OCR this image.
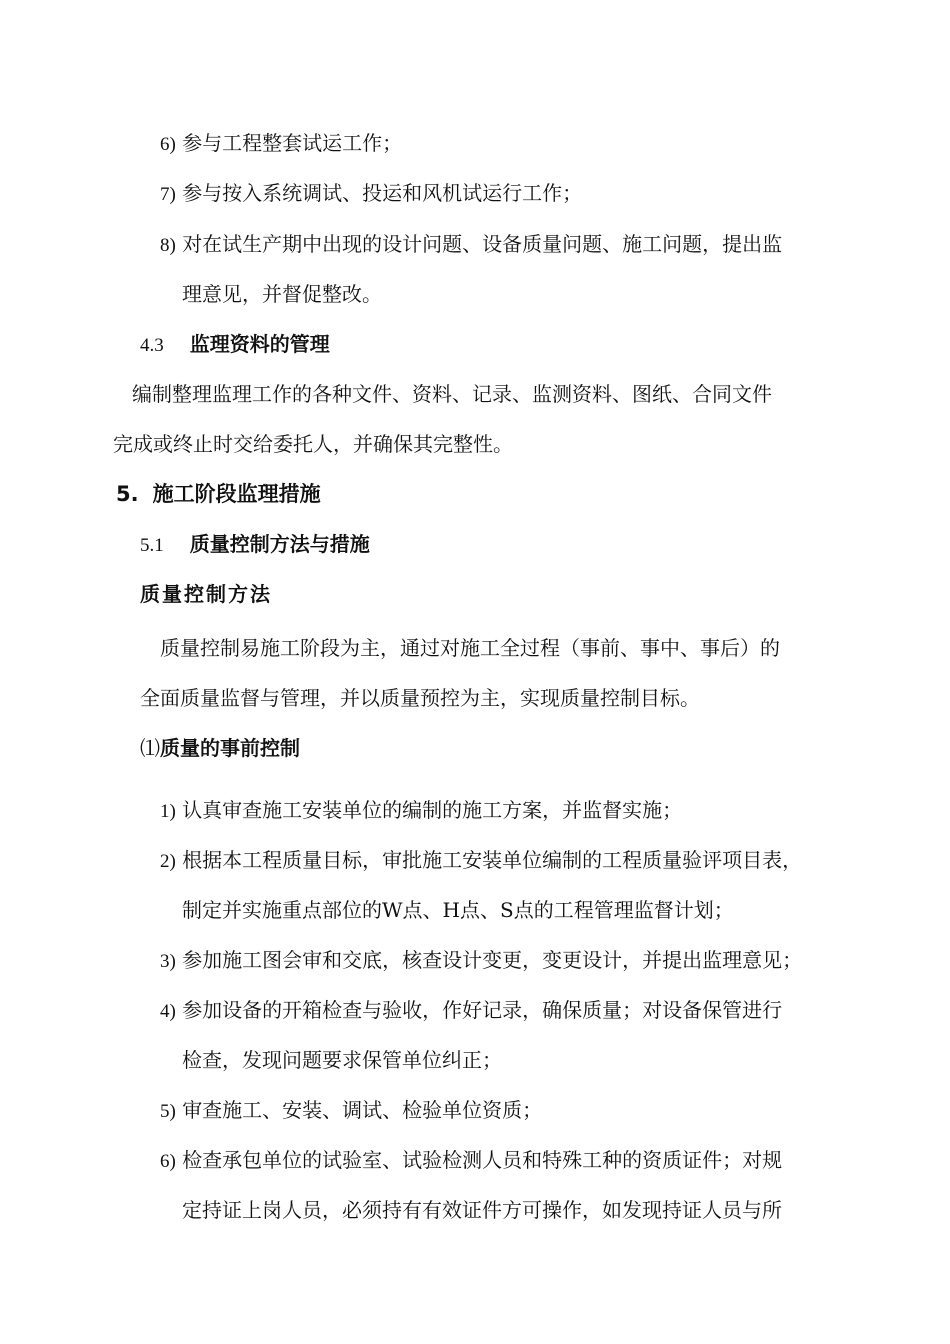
6) 参与工程整套试运工作；
7) 参与按入系统调试、投运和风机试运行工作；
8) 对在试生产期中出现的设计问题、设备质量问题、施工问题，提出监
理意见，并督促整改。
4.3 监理资料的管理
编制整理监理工作的各种文件、资料、记录、监测资料、图纸、合同文件
完成或终止时交给委托人，并确保其完整性。
5. 施工阶段监理措施
5.1 质量控制方法与措施
质量控制方法
质量控制易施工阶段为主，通过对施工全过程（事前、事中、事后）的
全面质量监督与管理，并以质量预控为主，实现质量控制目标。
⑴质量的事前控制
1) 认真审查施工安装单位的编制的施工方案，并监督实施；
2) 根据本工程质量目标，审批施工安装单位编制的工程质量验评项目表，
制定并实施重点部位的W点、H点、S点的工程管理监督计划；
3) 参加施工图会审和交底，核查设计变更，变更设计，并提出监理意见；
4) 参加设备的开箱检查与验收，作好记录，确保质量；对设备保管进行
检查，发现问题要求保管单位纠正；
5) 审查施工、安装、调试、检验单位资质；
6) 检查承包单位的试验室、试验检测人员和特殊工种的资质证件；对规
定持证上岗人员，必须持有有效证件方可操作，如发现持证人员与所
